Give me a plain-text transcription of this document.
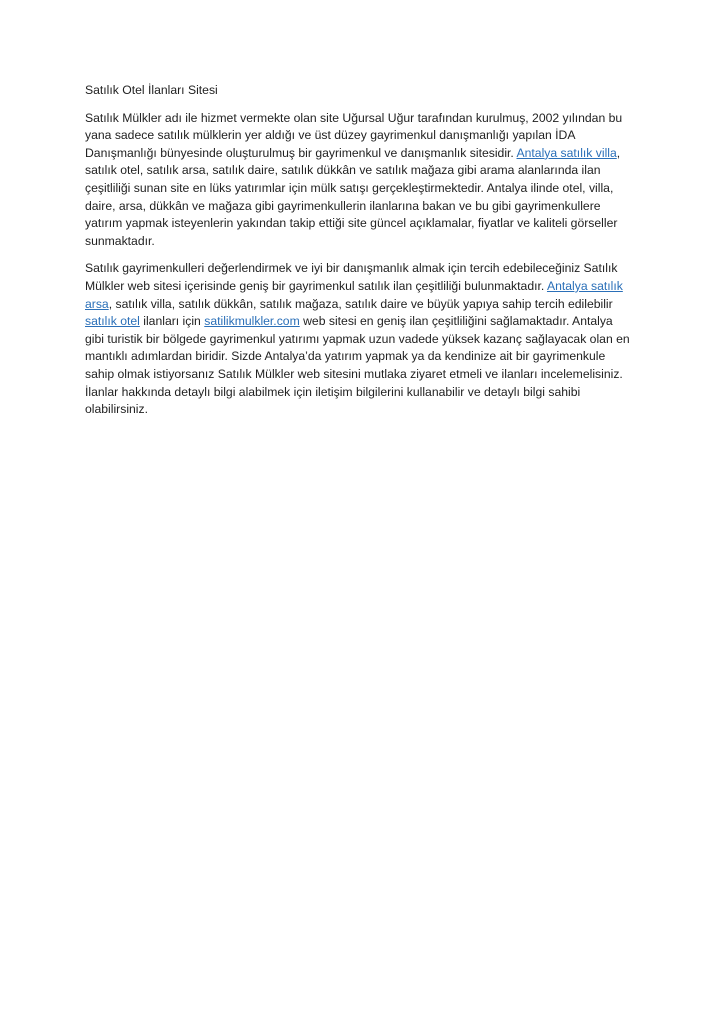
Satılık Otel İlanları Sitesi

Satılık Mülkler adı ile hizmet vermekte olan site Uğursal Uğur tarafından kurulmuş, 2002 yılından bu yana sadece satılık mülklerin yer aldığı ve üst düzey gayrimenkul danışmanlığı yapılan İDA Danışmanlığı bünyesinde oluşturulmuş bir gayrimenkul ve danışmanlık sitesidir. Antalya satılık villa, satılık otel, satılık arsa, satılık daire, satılık dükkân ve satılık mağaza gibi arama alanlarında ilan çeşitliliği sunan site en lüks yatırımlar için mülk satışı gerçekleştirmektedir. Antalya ilinde otel, villa, daire, arsa, dükkân ve mağaza gibi gayrimenkullerin ilanlarına bakan ve bu gibi gayrimenkullere yatırım yapmak isteyenlerin yakından takip ettiği site güncel açıklamalar, fiyatlar ve kaliteli görseller sunmaktadır.

Satılık gayrimenkulleri değerlendirmek ve iyi bir danışmanlık almak için tercih edebileceğiniz Satılık Mülkler web sitesi içerisinde geniş bir gayrimenkul satılık ilan çeşitliliği bulunmaktadır. Antalya satılık arsa, satılık villa, satılık dükkân, satılık mağaza, satılık daire ve büyük yapıya sahip tercih edilebilir satılık otel ilanları için satilikmulkler.com web sitesi en geniş ilan çeşitliliğini sağlamaktadır. Antalya gibi turistik bir bölgede gayrimenkul yatırımı yapmak uzun vadede yüksek kazanç sağlayacak olan en mantıklı adımlardan biridir. Sizde Antalya’da yatırım yapmak ya da kendinize ait bir gayrimenkule sahip olmak istiyorsanız Satılık Mülkler web sitesini mutlaka ziyaret etmeli ve ilanları incelemelisiniz. İlanlar hakkında detaylı bilgi alabilmek için iletişim bilgilerini kullanabilir ve detaylı bilgi sahibi olabilirsiniz.
